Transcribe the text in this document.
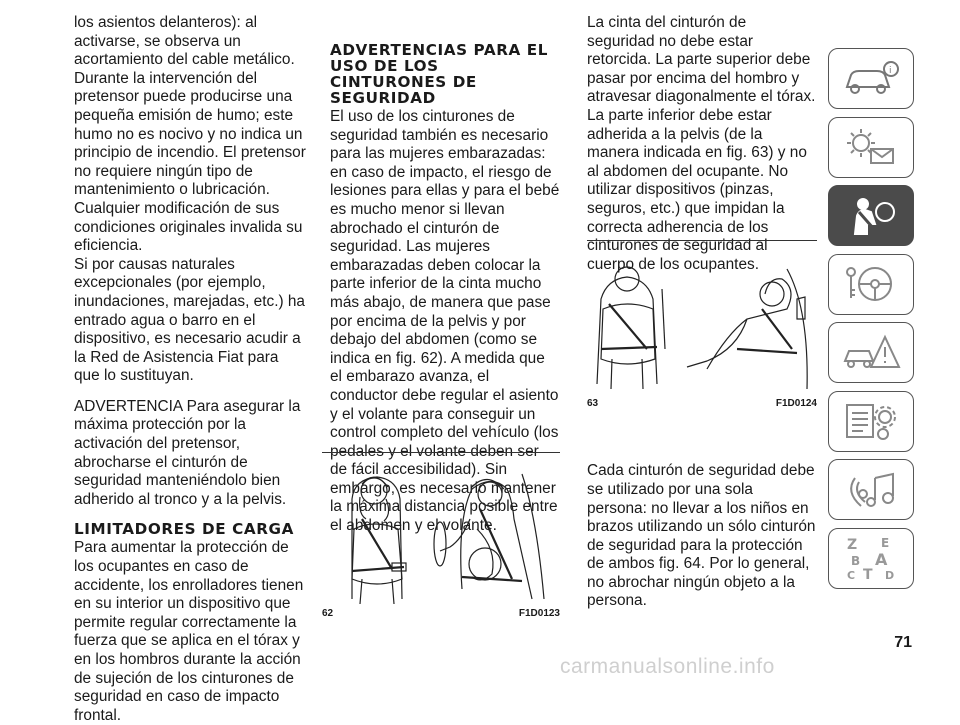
los asientos delanteros): al activarse, se observa un acortamiento del cable metálico.

Durante la intervención del pretensor puede producirse una pequeña emisión de humo; este humo no es nocivo y no indica un principio de incendio. El pretensor no requiere ningún tipo de mantenimiento o lubricación. Cualquier modificación de sus condiciones originales invalida su eficiencia.

Si por causas naturales excepcionales (por ejemplo, inundaciones, marejadas, etc.) ha entrado agua o barro en el dispositivo, es necesario acudir a la Red de Asistencia Fiat para que lo sustituyan.

ADVERTENCIA Para asegurar la máxima protección por la activación del pretensor, abrocharse el cinturón de seguridad manteniéndolo bien adherido al tronco y a la pelvis.

LIMITADORES DE CARGA

Para aumentar la protección de los ocupantes en caso de accidente, los enrolladores tienen en su interior un dispositivo que permite regular correctamente la fuerza que se aplica en el tórax y en los hombros durante la acción de sujeción de los cinturones de seguridad en caso de impacto frontal.

ADVERTENCIAS PARA EL USO DE LOS CINTURONES DE SEGURIDAD

El uso de los cinturones de seguridad también es necesario para las mujeres embarazadas: en caso de impacto, el riesgo de lesiones para ellas y para el bebé es mucho menor si llevan abrochado el cinturón de seguridad. Las mujeres embarazadas deben colocar la parte inferior de la cinta mucho más abajo, de manera que pase por encima de la pelvis y por debajo del abdomen (como se indica en fig. 62). A medida que el embarazo avanza, el conductor debe regular el asiento y el volante para conseguir un control completo del vehículo (los pedales y el volante deben ser de fácil accesibilidad). Sin embargo, es necesario mantener la máxima distancia posible entre el abdomen y el volante.

62	F1D0123

La cinta del cinturón de seguridad no debe estar retorcida. La parte superior debe pasar por encima del hombro y atravesar diagonalmente el tórax. La parte inferior debe estar adherida a la pelvis (de la manera indicada en fig. 63) y no al abdomen del ocupante. No utilizar dispositivos (pinzas, seguros, etc.) que impidan la correcta adherencia de los cinturones de seguridad al cuerpo de los ocupantes.

Cada cinturón de seguridad debe se utilizado por una sola persona: no llevar a los niños en brazos utilizando un sólo cinturón de seguridad para la protección de ambos fig. 64. Por lo general, no abrochar ningún objeto a la persona.

63	F1D0124
i
Z E
B A
C T D
71
carmanualsonline.info
